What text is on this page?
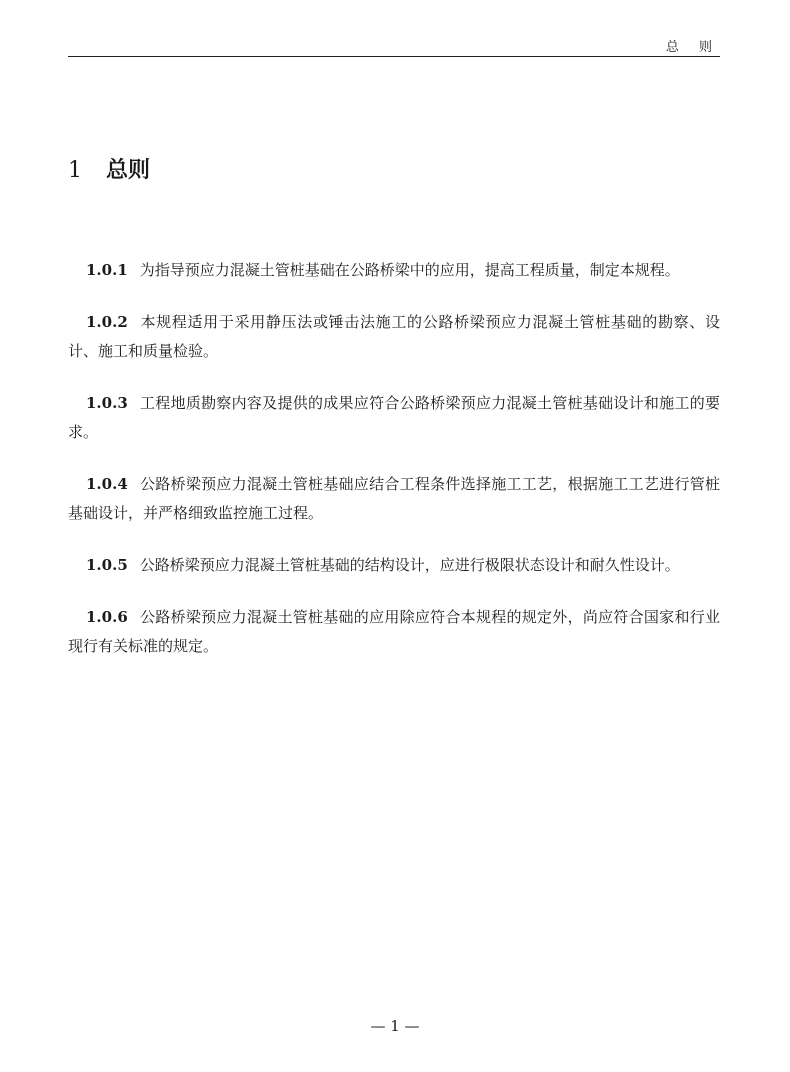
总 则
1 总则

1.0.1 为指导预应力混凝土管桩基础在公路桥梁中的应用，提高工程质量，制定本规程。

1.0.2 本规程适用于采用静压法或锤击法施工的公路桥梁预应力混凝土管桩基础的勘察、设计、施工和质量检验。

1.0.3 工程地质勘察内容及提供的成果应符合公路桥梁预应力混凝土管桩基础设计和施工的要求。

1.0.4 公路桥梁预应力混凝土管桩基础应结合工程条件选择施工工艺，根据施工工艺进行管桩基础设计，并严格细致监控施工过程。

1.0.5 公路桥梁预应力混凝土管桩基础的结构设计，应进行极限状态设计和耐久性设计。

1.0.6 公路桥梁预应力混凝土管桩基础的应用除应符合本规程的规定外，尚应符合国家和行业现行有关标准的规定。

— 1 —
